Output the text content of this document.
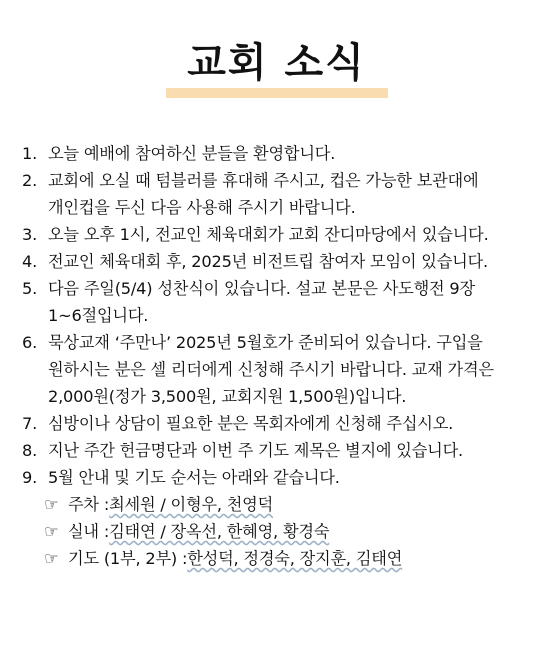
교회 소식
1. 오늘 예배에 참여하신 분들을 환영합니다.
2. 교회에 오실 때 텀블러를 휴대해 주시고, 컵은 가능한 보관대에
개인컵을 두신 다음 사용해 주시기 바랍니다.
3. 오늘 오후 1시, 전교인 체육대회가 교회 잔디마당에서 있습니다.
4. 전교인 체육대회 후, 2025년 비전트립 참여자 모임이 있습니다.
5. 다음 주일(5/4) 성찬식이 있습니다. 설교 본문은 사도행전 9장
1~6절입니다.
6. 묵상교재 ‘주만나’ 2025년 5월호가 준비되어 있습니다. 구입을
원하시는 분은 셀 리더에게 신청해 주시기 바랍니다. 교재 가격은
2,000원(정가 3,500원, 교회지원 1,500원)입니다.
7. 심방이나 상담이 필요한 분은 목회자에게 신청해 주십시오.
8. 지난 주간 헌금명단과 이번 주 기도 제목은 별지에 있습니다.
9. 5월 안내 및 기도 순서는 아래와 같습니다.
☞ 주차 : 최세원 / 이형우, 천영덕
☞ 실내 : 김태연 / 장옥선, 한혜영, 황경숙
☞ 기도 (1부, 2부) : 한성덕, 정경숙, 장지훈, 김태연
